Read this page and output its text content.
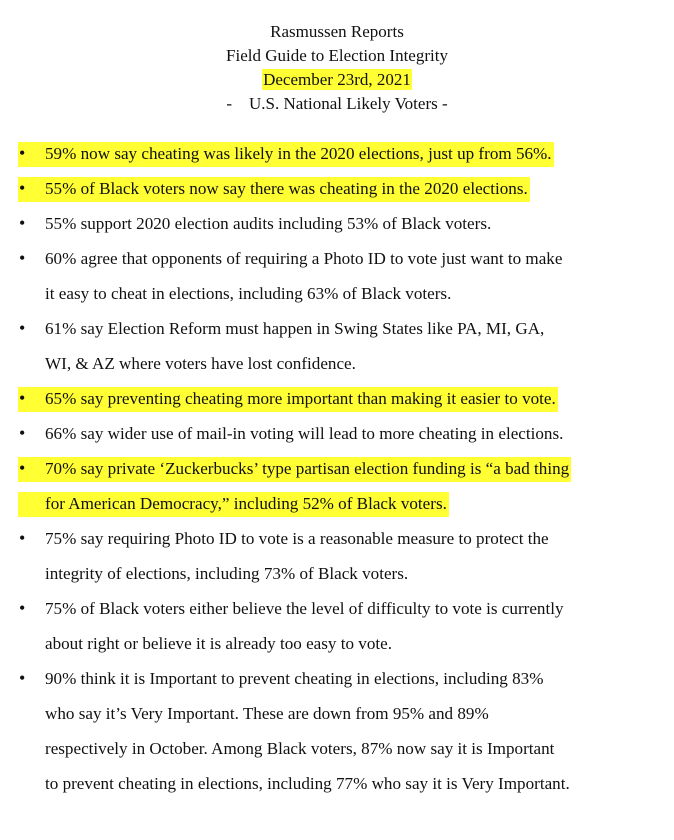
Rasmussen Reports
Field Guide to Election Integrity
December 23rd, 2021
-    U.S. National Likely Voters -
• 59% now say cheating was likely in the 2020 elections, just up from 56%.
• 55% of Black voters now say there was cheating in the 2020 elections.
• 55% support 2020 election audits including 53% of Black voters.
• 60% agree that opponents of requiring a Photo ID to vote just want to make
it easy to cheat in elections, including 63% of Black voters.
• 61% say Election Reform must happen in Swing States like PA, MI, GA,
WI, & AZ where voters have lost confidence.
• 65% say preventing cheating more important than making it easier to vote.
• 66% say wider use of mail-in voting will lead to more cheating in elections.
• 70% say private ‘Zuckerbucks’ type partisan election funding is “a bad thing
for American Democracy,” including 52% of Black voters.
• 75% say requiring Photo ID to vote is a reasonable measure to protect the
integrity of elections, including 73% of Black voters.
• 75% of Black voters either believe the level of difficulty to vote is currently
about right or believe it is already too easy to vote.
• 90% think it is Important to prevent cheating in elections, including 83%
who say it’s Very Important. These are down from 95% and 89%
respectively in October. Among Black voters, 87% now say it is Important
to prevent cheating in elections, including 77% who say it is Very Important.
